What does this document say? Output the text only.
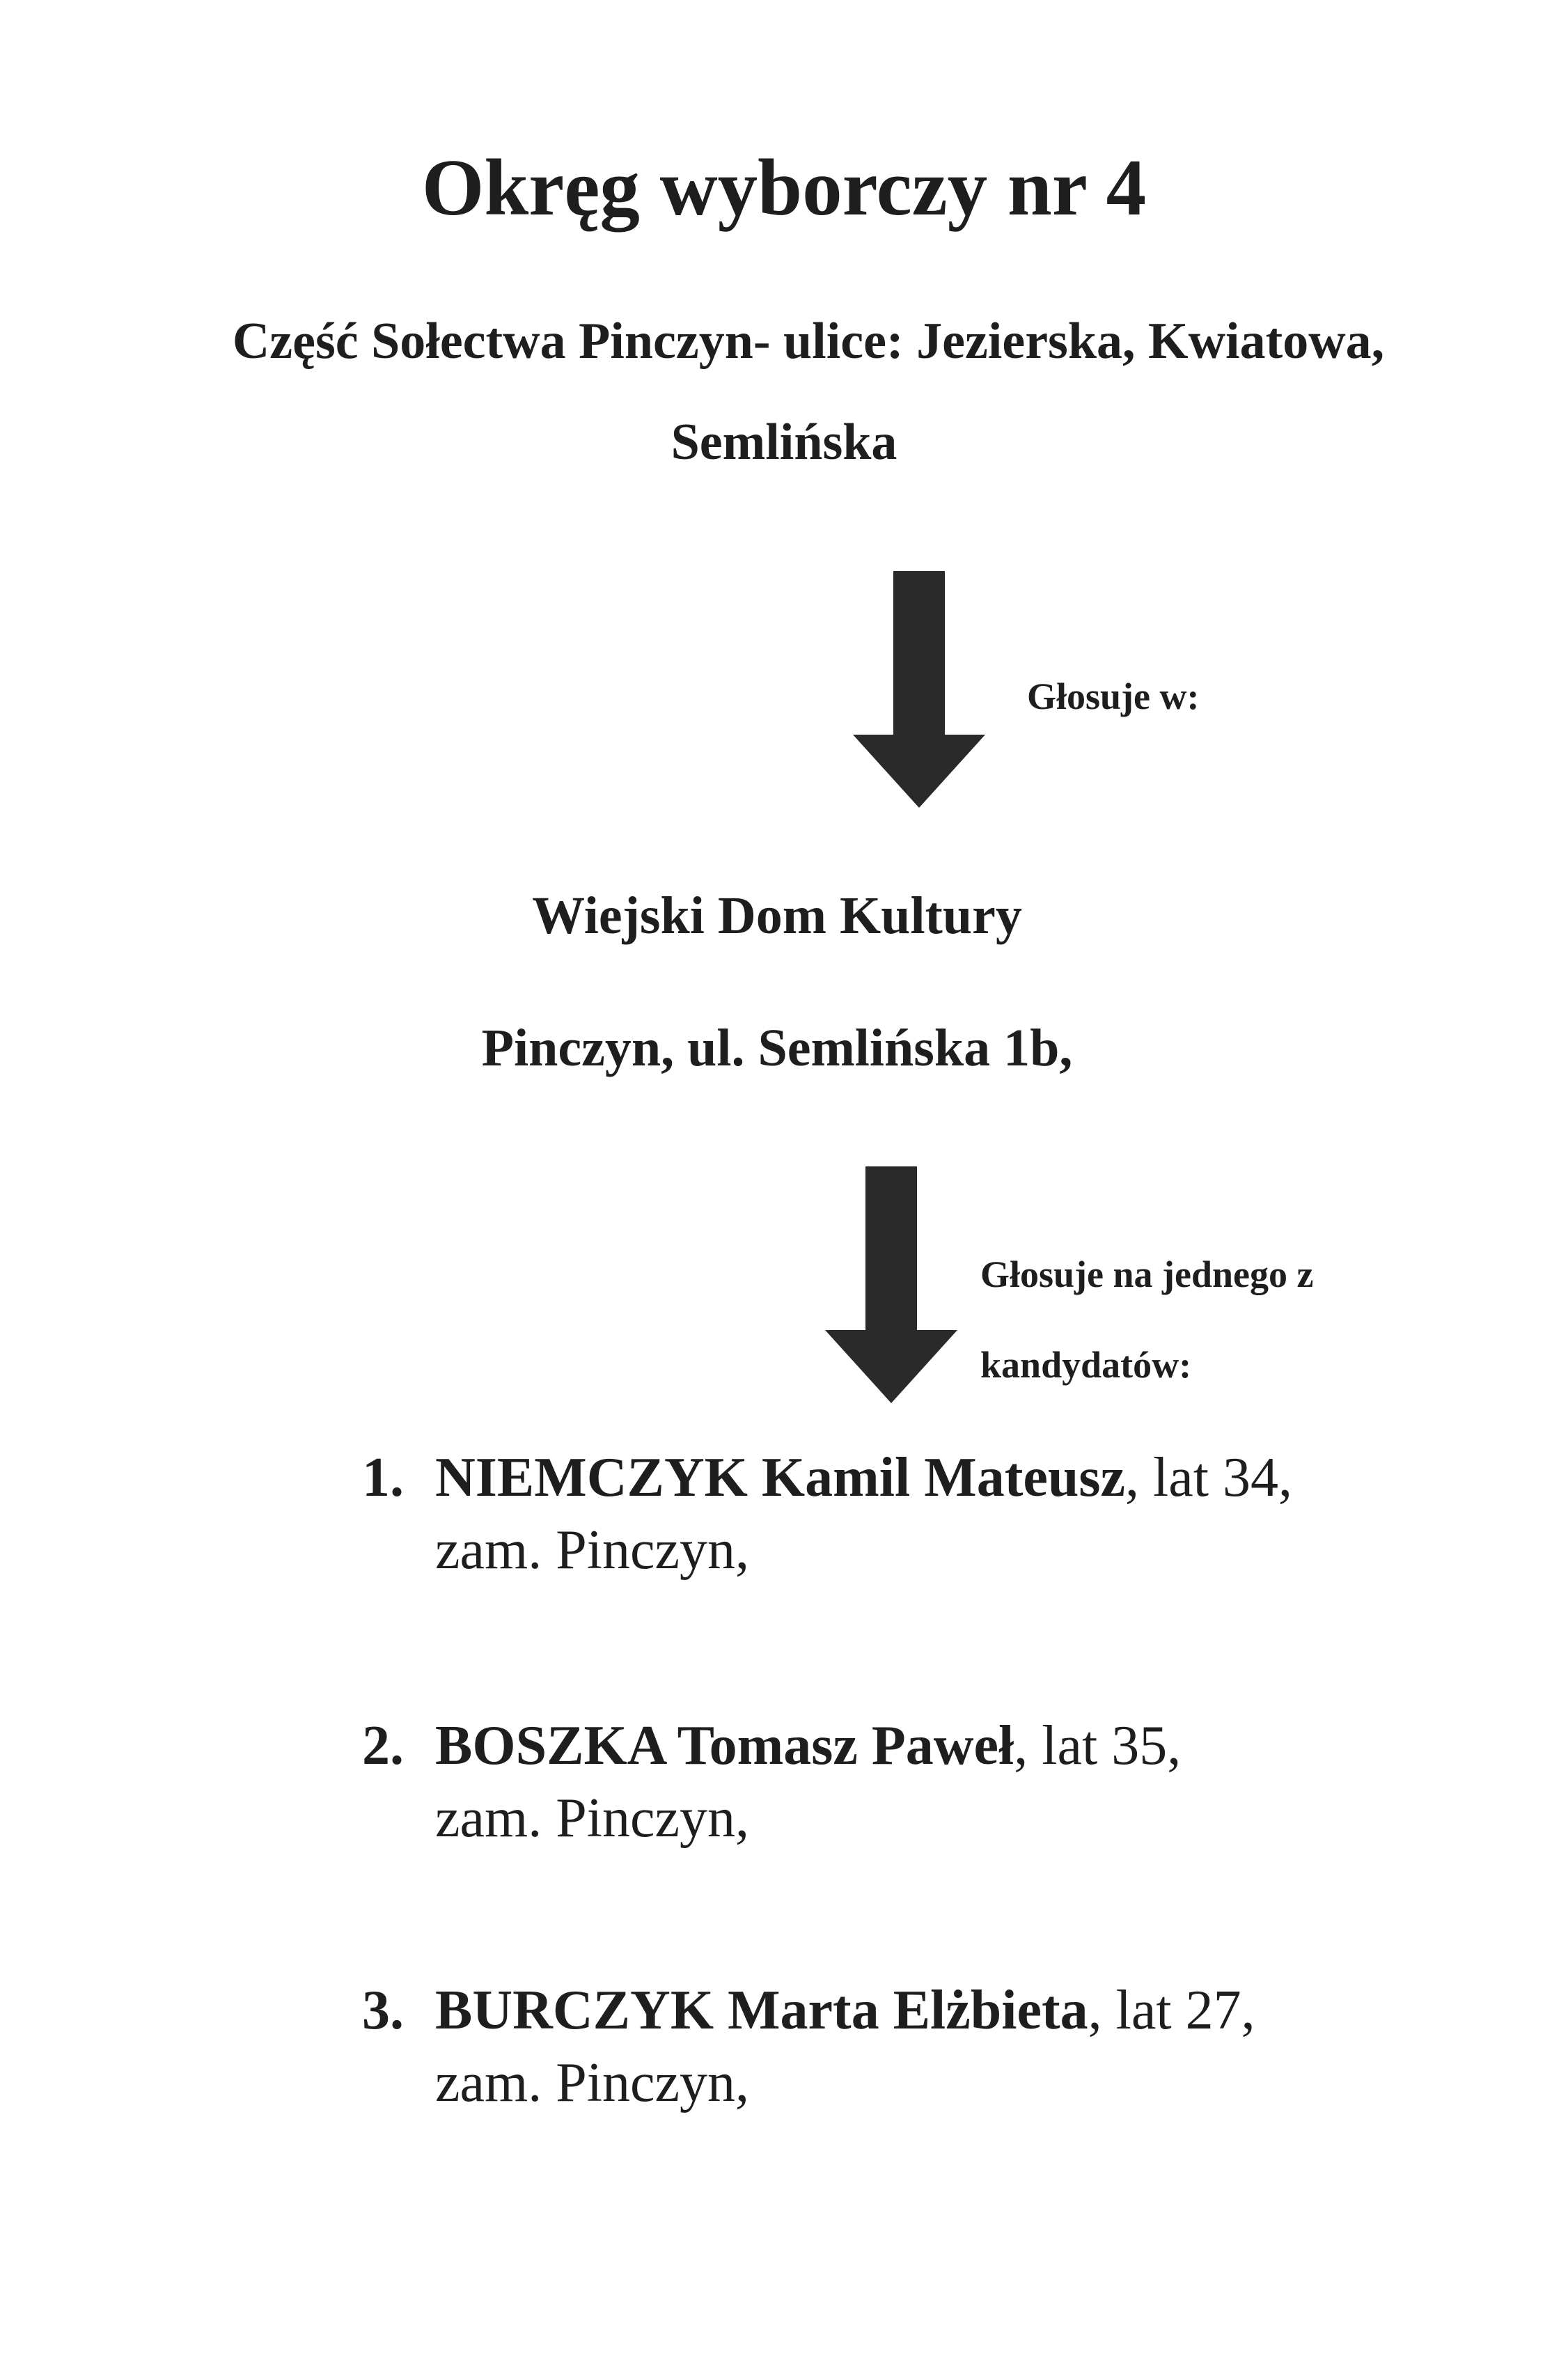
Okręg wyborczy nr 4
Część Sołectwa Pinczyn- ulice: Jezierska, Kwiatowa,
Semlińska
Głosuje w:
Wiejski Dom Kultury
Pinczyn, ul. Semlińska 1b,
Głosuje na jednego z
kandydatów:
1. NIEMCZYK Kamil Mateusz, lat 34,
zam. Pinczyn,
2. BOSZKA Tomasz Paweł, lat 35,
zam. Pinczyn,
3. BURCZYK Marta Elżbieta, lat 27,
zam. Pinczyn,
